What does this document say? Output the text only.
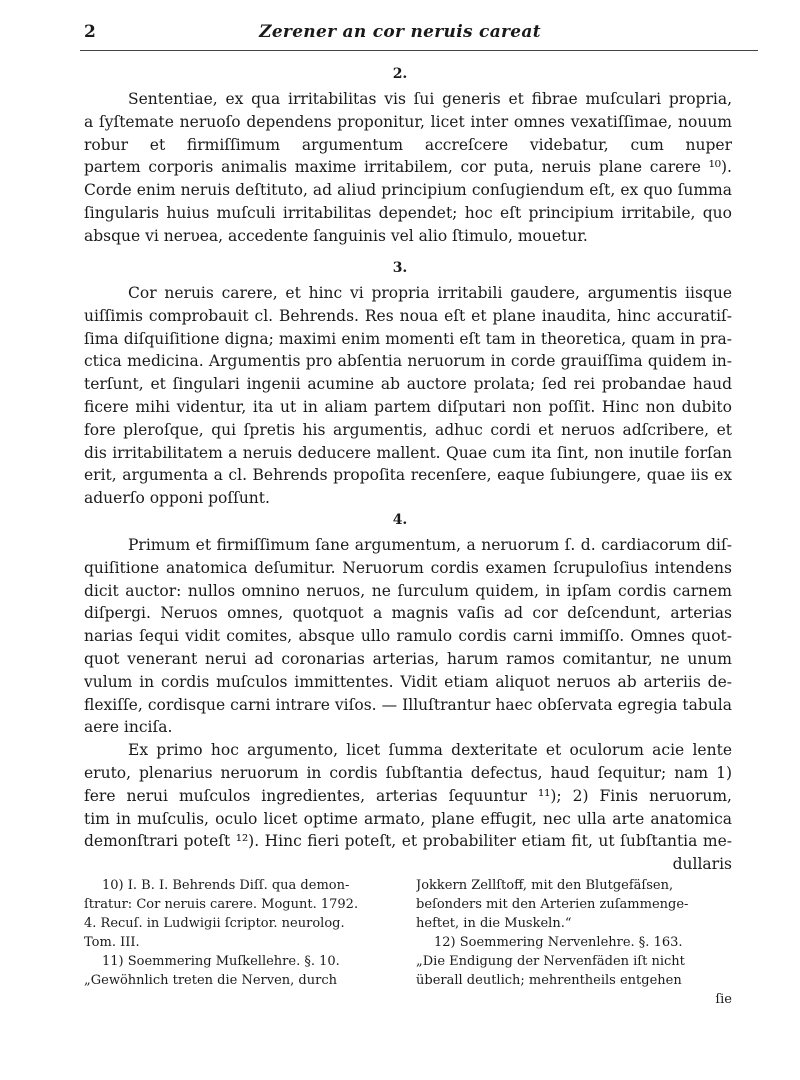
2	Zerener an cor neruis careat
2.
Sententiae, ex qua irritabilitas vis ſui generis et fibrae muſculari propria,
a ſyſtemate neruoſo dependens proponitur, licet inter omnes vexatiſſimae, nouum
robur et firmiſſimum argumentum accreſcere videbatur, cum nuper
partem corporis animalis maxime irritabilem, cor puta, neruis plane carere ¹⁰).
Corde enim neruis deſtituto, ad aliud principium conſugiendum eſt, ex quo ſumma
ſingularis huius muſculi irritabilitas dependet; hoc eſt principium irritabile, quo
absque vi nerυea, accedente ſanguinis vel alio ſtimulo, mouetur.
3.
Cor neruis carere, et hinc vi propria irritabili gaudere, argumentis iisque
uiſſimis comprobauit cl. Behrends. Res noua eſt et plane inaudita, hinc accuratiſ-
ſima diſquiſitione digna; maximi enim momenti eſt tam in theoretica, quam in pra-
ctica medicina. Argumentis pro abſentia neruorum in corde grauiſſima quidem in-
terſunt, et ſingulari ingenii acumine ab auctore prolata; ſed rei probandae haud
ficere mihi videntur, ita ut in aliam partem diſputari non poſſit. Hinc non dubito
fore pleroſque, qui ſpretis his argumentis, adhuc cordi et neruos adſcribere, et
dis irritabilitatem a neruis deducere mallent. Quae cum ita ſint, non inutile forſan
erit, argumenta a cl. Behrends propoſita recenſere, eaque ſubiungere, quae iis ex
aduerſo opponi poſſunt.
4.
Primum et firmiſſimum ſane argumentum, a neruorum ſ. d. cardiacorum diſ-
quiſitione anatomica deſumitur. Neruorum cordis examen ſcrupuloſius intendens
dicit auctor: nullos omnino neruos, ne ſurculum quidem, in ipſam cordis carnem
diſpergi. Neruos omnes, quotquot a magnis vaſis ad cor deſcendunt, arterias
narias ſequi vidit comites, absque ullo ramulo cordis carni immiſſo. Omnes quot-
quot venerant nerui ad coronarias arterias, harum ramos comitantur, ne unum
vulum in cordis muſculos immittentes. Vidit etiam aliquot neruos ab arteriis de-
flexiſſe, cordisque carni intrare viſos. — Illuſtrantur haec obſervata egregia tabula
aere inciſa.
Ex primo hoc argumento, licet ſumma dexteritate et oculorum acie lente
eruto, plenarius neruorum in cordis ſubſtantia defectus, haud ſequitur; nam 1)
fere nerui muſculos ingredientes, arterias ſequuntur ¹¹); 2) Finis neruorum,
tim in muſculis, oculo licet optime armato, plane effugit, nec ulla arte anatomica
demonſtrari poteſt ¹²). Hinc fieri poteſt, et probabiliter etiam fit, ut ſubſtantia me-
dullaris
10) I. B. I. Behrends Diſſ. qua demon-
ſtratur: Cor neruis carere. Mogunt. 1792.
4. Recuſ. in Ludwigii ſcriptor. neurolog.
Tom. III.
11) Soemmering Muſkellehre. §. 10.
„Gewöhnlich treten die Nerven, durch
Jokkern Zellſtoff, mit den Blutgefäſsen,
beſonders mit den Arterien zuſammenge-
heftet, in die Muskeln.“
12) Soemmering Nervenlehre. §. 163.
„Die Endigung der Nervenfäden iſt nicht
überall deutlich; mehrentheils entgehen
ſie
